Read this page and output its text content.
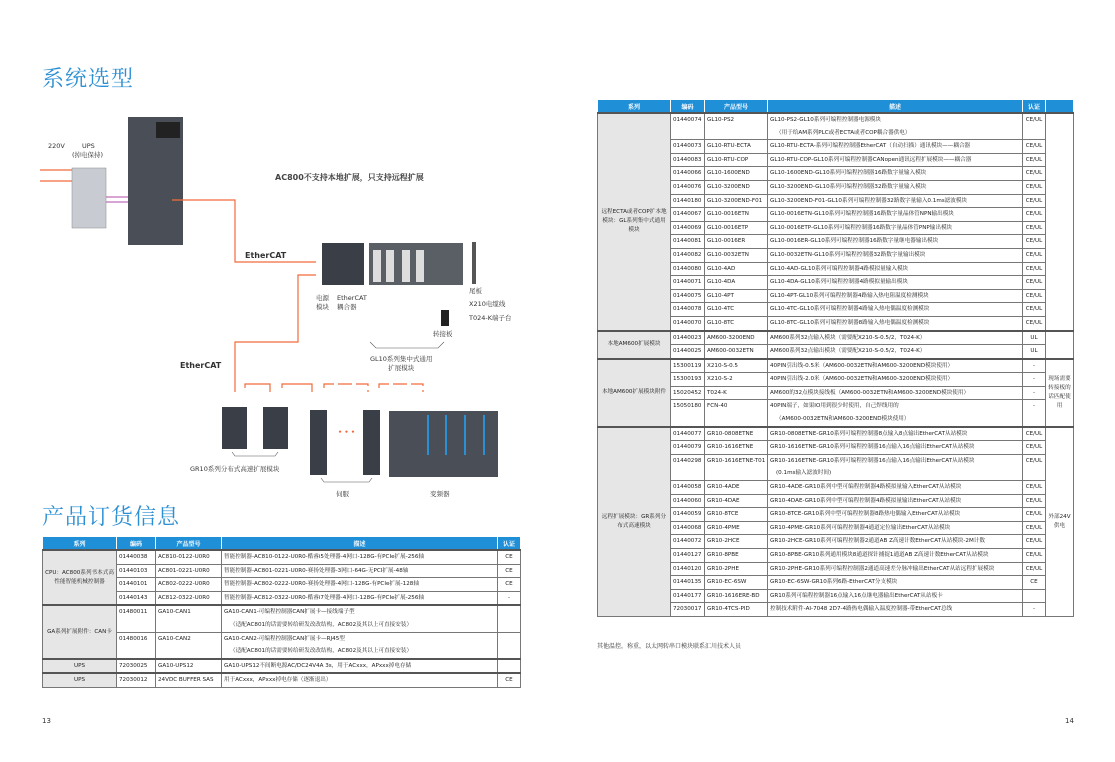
系统选型
220V	UPS
(掉电保持)
AC800不支持本地扩展，只支持远程扩展
EtherCAT
EtherCAT
电源
模块
EtherCAT
耦合器
尾板
X210电缆线
T024-K端子台
转接板
GL10系列集中式通用
扩展模块
GR10系列分布式高速扩展模块
• • •
伺服	变频器
产品订货信息
系列	编码	产品型号	描述	认证
CPU：AC800系列书本式高性能智能机械控制器	01440038	AC810-0122-U0R0	智能控制器-AC810-0122-U0R0-酷睿i5处理器-4网口-128G-有PCIe扩展-256轴	CE
	01440103	AC801-0221-U0R0	智能控制器-AC801-0221-U0R0-赛扬处理器-3网口-64G-无PCI扩展-48轴	CE
	01440101	AC802-0222-U0R0	智能控制器-AC802-0222-U0R0-赛扬处理器-4网口-128G-有PCIe扩展-128轴	CE
	01440143	AC812-0322-U0R0	智能控制器-AC812-0322-U0R0-酷睿i7处理器-4网口-128G-有PCIe扩展-256轴	-
GA系列扩展附件：CAN卡	01480011	GA10-CAN1	GA10-CAN1-可编程控制器CAN扩展卡—接线端子型
（适配AC801的话需要转给研发改改结构，AC802及其以上可直接安装）	

	01480016	GA10-CAN2	GA10-CAN2-可编程控制器CAN扩展卡—RJ45型
（适配AC801的话需要转给研发改改结构，AC802及其以上可直接安装）	

UPS	72030025	GA10-UPS12	GA10-UPS12不间断电源AC/DC24V4A 3s，用于ACxxx，APxxx掉电存储	

UPS	72030012	24VDC BUFFER SAS	用于ACxxx，APxxx掉电存储（逐渐退出）	CE
系列	编码	产品型号	描述	认证	
远程ECTA或者COP扩本地模块：GL系列集中式通用模块	01440074	GL10-PS2	GL10-PS2-GL10系列可编程控制器电源模块
（用于给AM系列PLC或者ECTA或者COP耦合器供电）	CE/UL	
	01440073	GL10-RTU-ECTA	GL10-RTU-ECTA-系列可编程控制器EtherCAT（自动扫描）通讯模块——耦合器	CE/UL	
	01440083	GL10-RTU-COP	GL10-RTU-COP-GL10系列可编程控制器CANopen通讯远程扩展模块——耦合器	CE/UL	
	01440066	GL10-1600END	GL10-1600END-GL10系列可编程控制器16路数字量输入模块	CE/UL	
	01440076	GL10-3200END	GL10-3200END-GL10系列可编程控制器32路数字量输入模块	CE/UL	
	01440180	GL10-3200END-F01	GL10-3200END-F01-GL10系列可编程控制器32路数字量输入0.1ms滤波模块	CE/UL	
	01440067	GL10-0016ETN	GL10-0016ETN-GL10系列可编程控制器16路数字量晶体管NPN输出模块	CE/UL	
	01440069	GL10-0016ETP	GL10-0016ETP-GL10系列可编程控制器16路数字量晶体管PNP输出模块	CE/UL	
	01440081	GL10-0016ER	GL10-0016ER-GL10系列可编程控制器16路数字量继电器输出模块	CE/UL	
	01440082	GL10-0032ETN	GL10-0032ETN-GL10系列可编程控制器32路数字量输出模块	CE/UL	
	01440080	GL10-4AD	GL10-4AD-GL10系列可编程控制器4路模拟量输入模块	CE/UL	
	01440071	GL10-4DA	GL10-4DA-GL10系列可编程控制器4路模拟量输出模块	CE/UL	
	01440075	GL10-4PT	GL10-4PT-GL10系列可编程控制器4路输入热电阻温度检测模块	CE/UL	
	01440078	GL10-4TC	GL10-4TC-GL10系列可编程控制器4路输入热电偶温度检测模块	CE/UL	
	01440070	GL10-8TC	GL10-8TC-GL10系列可编程控制器8路输入热电偶温度检测模块	CE/UL	
本地AM600扩展模块	01440023	AM600-3200END	AM600系列32点输入模块（需要配X210-S-0.5/2，T024-K）	UL	
	01440025	AM600-0032ETN	AM600系列32点输出模块（需要配X210-S-0.5/2，T024-K）	UL	
本地AM600扩展模块附件	15300119	X210-S-0.5	40PIN引出线-0.5米（AM600-0032ETN和AM600-3200END模块使用）	-	现场需要转接板的话匹配使用
	15300193	X210-S-2	40PIN引出线-2.0米（AM600-0032ETN和AM600-3200END模块使用）	-	
	15020452	T024-K	AM600的32点模块接线板（AM600-0032ETN和AM600-3200END模块使用）	-	
	15050180	FCN-40	40PIN端子，如果IO用到很少时使用，自己焊线用的
（AM600-0032ETN和AM600-3200END模块使用）	-	
远程扩展模块：GR系列分布式高速模块	01440077	GR10-0808ETNE	GR10-0808ETNE-GR10系列可编程控制器8点输入8点输出EtherCAT从站模块	CE/UL	外部24V供电
	01440079	GR10-1616ETNE	GR10-1616ETNE-GR10系列可编程控制器16点输入16点输出EtherCAT从站模块	CE/UL	
	01440298	GR10-1616ETNE-T01	GR10-1616ETNE-GR10系列可编程控制器16点输入16点输出EtherCAT从站模块
(0.1ms输入滤波时间)	CE/UL	
	01440058	GR10-4ADE	GR10-4ADE-GR10系列中型可编程控制器4路模拟量输入EtherCAT从站模块	CE/UL	
	01440060	GR10-4DAE	GR10-4DAE-GR10系列中型可编程控制器4路模拟量输出EtherCAT从站模块	CE/UL	
	01440059	GR10-8TCE	GR10-8TCE-GR10系列中型可编程控制器8路热电偶输入EtherCAT从站模块	CE/UL	
	01440068	GR10-4PME	GR10-4PME-GR10系列可编程控制器4通道定位输出EtherCAT从站模块	CE/UL	
	01440072	GR10-2HCE	GR10-2HCE-GR10系列可编程控制器2通道AB Z高速计数EtherCAT从站模块-2M计数	CE/UL	
	01440127	GR10-8PBE	GR10-8PBE-GR10系列通用模块8通道探针捕捉1通道AB Z高速计数EtherCAT从站模块	CE/UL	
	01440120	GR10-2PHE	GR10-2PHE-GR10系列可编程控制器2通道高速差分脉冲输出EtherCAT从站远程扩展模块	CE/UL	
	01440135	GR10-EC-6SW	GR10-EC-6SW-GR10系列6路-EtherCAT分支模块	CE	
	01440177	GR10-1616ERE-BD	GR10系列可编程控制器16点输入16点继电器输出EtherCAT从站板卡		

	72030017	GR10-4TCS-PID	控制技术附件-AI-7048 2D7-4路热电偶输入温度控制器-带EtherCAT总线	-	
其他温控，称重，以太网转串口模块联系汇川技术人员
13	14
